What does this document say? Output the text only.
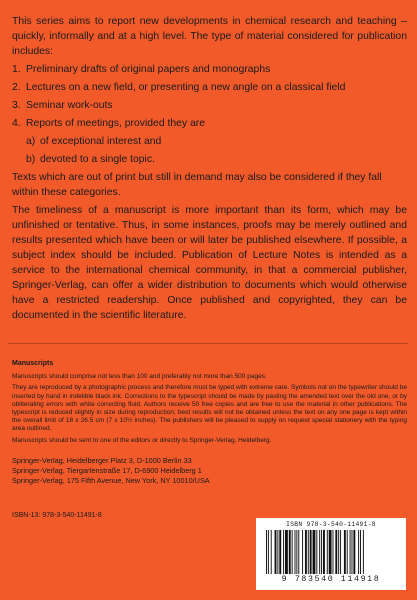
This series aims to report new developments in chemical research and teaching – quickly, informally and at a high level. The type of material considered for publication includes:

1. Preliminary drafts of original papers and monographs
2. Lectures on a new field, or presenting a new angle on a classical field
3. Seminar work-outs
4. Reports of meetings, provided they are
a) of exceptional interest and
b) devoted to a single topic.

Texts which are out of print but still in demand may also be considered if they fall within these categories.

The timeliness of a manuscript is more important than its form, which may be unfinished or tentative. Thus, in some instances, proofs may be merely outlined and results presented which have been or will later be published elsewhere. If possible, a subject index should be included. Publication of Lecture Notes is intended as a service to the international chemical community, in that a commercial publisher, Springer-Verlag, can offer a wider distribution to documents which would otherwise have a restricted readership. Once published and copyrighted, they can be documented in the scientific literature.

Manuscripts

Manuscripts should comprise not less than 100 and preferably not more than 500 pages.

They are reproduced by a photographic process and therefore must be typed with extreme care. Symbols not on the typewriter should be inserted by hand in indelible black ink. Corrections to the typescript should be made by pasting the amended text over the old one, or by obliterating errors with white correcting fluid. Authors receive 50 free copies and are free to use the material in other publications. The typescript is reduced slightly in size during reproduction; best results will not be obtained unless the text on any one page is kept within the overall limit of 18 x 26.5 cm (7 x 10½ inches). The publishers will be pleased to supply on request special stationery with the typing area outlined.

Manuscripts should be sent to one of the editors or directly to Springer-Verlag, Heidelberg.

Springer-Verlag, Heidelberger Platz 3, D-1000 Berlin 33
Springer-Verlag, Tiergartenstraße 17, D-6900 Heidelberg 1
Springer-Verlag, 175 Fifth Avenue, New York, NY 10010/USA
ISBN-13: 978-3-540-11491-8
ISBN 978-3-540-11491-8
9 783540 114918
